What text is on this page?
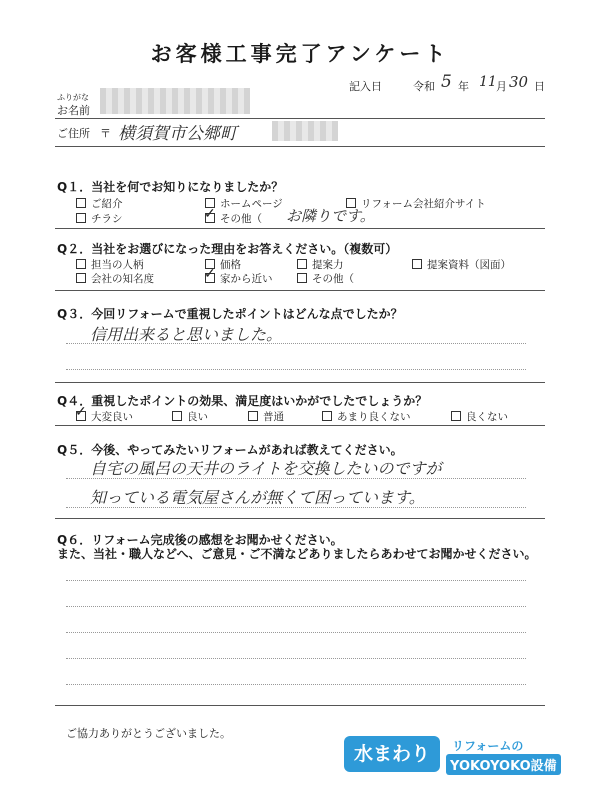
お客様工事完了アンケート
記入日	令和 5 年 11 月 30 日
ふりがな
お名前
ご住所 〒 横須賀市公郷町
Q１．当社を何でお知りになりましたか？
ご紹介	ホームページ	リフォーム会社紹介サイト
チラシ ✓	その他（ お隣りです。
Q２．当社をお選びになった理由をお答えください。（複数可）
担当の人柄	価格	提案力	提案資料（図面）
会社の知名度 ✓	家から近い	その他（
Q３．今回リフォームで重視したポイントはどんな点でしたか？
信用出来ると思いました。
Q４．重視したポイントの効果、満足度はいかがでしたでしょうか？
✓大変良い	良い	普通	あまり良くない	良くない
Q５．今後、やってみたいリフォームがあれば教えてください。
自宅の風呂の天井のライトを交換したいのですが
知っている電気屋さんが無くて困っています。
Q６．リフォーム完成後の感想をお聞かせください。
また、当社・職人などへ、ご意見・ご不満などありましたらあわせてお聞かせください。
ご協力ありがとうございました。
水まわり	リフォームの
YOKOYOKO設備
